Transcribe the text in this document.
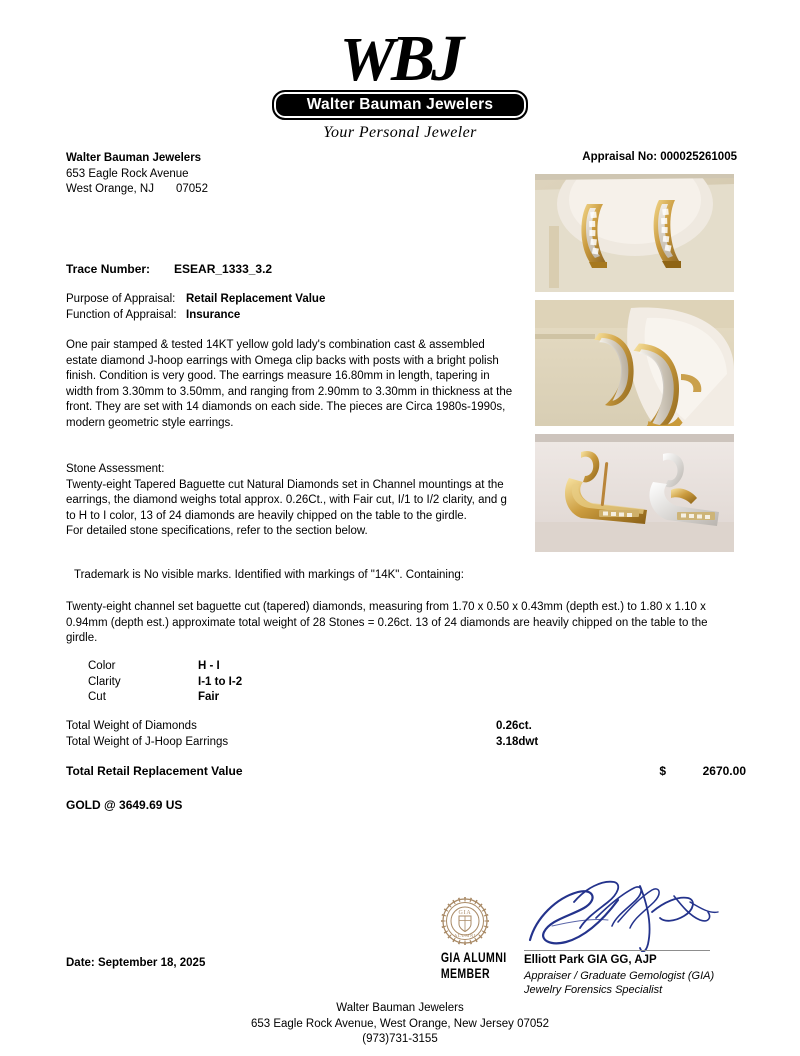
WBJ
Walter Bauman Jewelers
Your Personal Jeweler
Walter Bauman Jewelers
653 Eagle Rock Avenue
West Orange, NJ 07052
Appraisal No: 000025261005
Trace Number: ESEAR_1333_3.2
Purpose of Appraisal:	Retail Replacement Value
Function of Appraisal:	Insurance
One pair stamped & tested 14KT yellow gold lady's combination cast & assembled estate diamond J-hoop earrings with Omega clip backs with posts with a bright polish finish. Condition is very good. The earrings measure 16.80mm in length, tapering in width from 3.30mm to 3.50mm, and ranging from 2.90mm to 3.30mm in thickness at the front. They are set with 14 diamonds on each side. The pieces are Circa 1980s-1990s, modern geometric style earrings.
Stone Assessment:
Twenty-eight Tapered Baguette cut Natural Diamonds set in Channel mountings at the earrings, the diamond weighs total approx. 0.26Ct., with Fair cut, I/1 to I/2 clarity, and g to H to I color, 13 of 24 diamonds are heavily chipped on the table to the girdle.
For detailed stone specifications, refer to the section below.
Trademark is No visible marks. Identified with markings of "14K". Containing:
Twenty-eight channel set baguette cut (tapered) diamonds, measuring from 1.70 x 0.50 x 0.43mm (depth est.) to 1.80 x 1.10 x 0.94mm (depth est.) approximate total weight of 28 Stones = 0.26ct. 13 of 24 diamonds are heavily chipped on the table to the girdle.
Color	H - I
Clarity	I-1 to I-2
Cut	Fair
Total Weight of Diamonds	0.26ct.
Total Weight of J-Hoop Earrings	3.18dwt
Total Retail Replacement Value	$	2670.00
GOLD @ 3649.69 US
GIA
ALUMNI
GIA ALUMNI
MEMBER
Elliott Park GIA GG, AJP
Appraiser / Graduate Gemologist (GIA)
Jewelry Forensics Specialist
Date: September 18, 2025
Walter Bauman Jewelers
653 Eagle Rock Avenue, West Orange, New Jersey 07052
(973)731-3155
